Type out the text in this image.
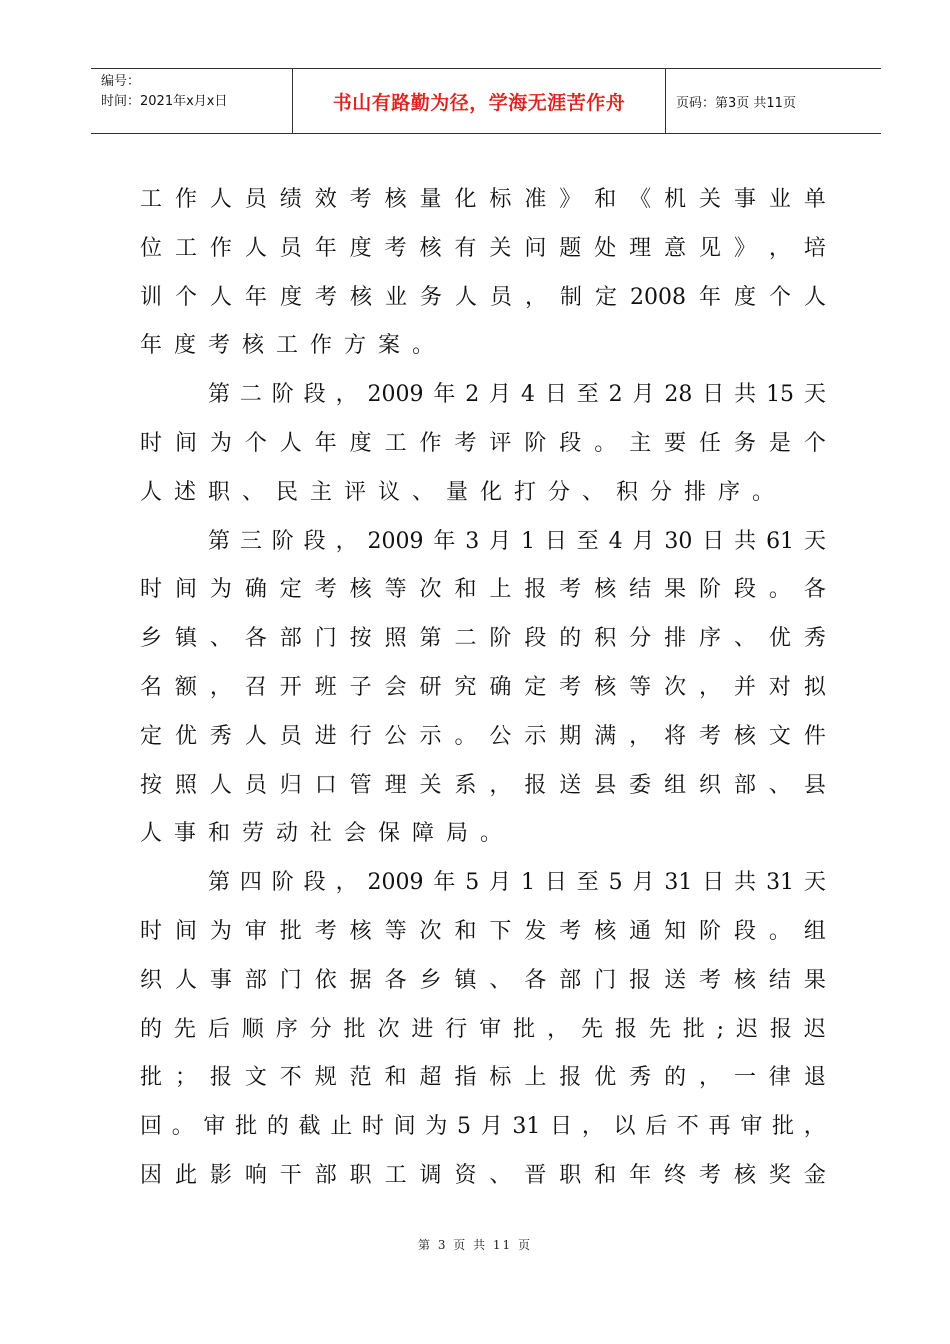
编号：
时间：2021年x月x日	书山有路勤为径，学海无涯苦作舟	页码：第3页 共11页
工 作 人 员 绩 效 考 核 量 化 标 准 》 和 《 机 关 事 业 单
位 工 作 人 员 年 度 考 核 有 关 问 题 处 理 意 见 》 ， 培
训 个 人 年 度 考 核 业 务 人 员 ， 制 定 2008 年 度 个 人
年度考核工作方案。
第 二 阶 段 ， 2009 年 2 月 4 日 至 2 月 28 日 共 15 天
时 间 为 个 人 年 度 工 作 考 评 阶 段 。 主 要 任 务 是 个
人述职、民主评议、量化打分、积分排序。
第 三 阶 段 ， 2009 年 3 月 1 日 至 4 月 30 日 共 61 天
时 间 为 确 定 考 核 等 次 和 上 报 考 核 结 果 阶 段 。 各
乡 镇 、 各 部 门 按 照 第 二 阶 段 的 积 分 排 序 、 优 秀
名 额 ， 召 开 班 子 会 研 究 确 定 考 核 等 次 ， 并 对 拟
定 优 秀 人 员 进 行 公 示 。 公 示 期 满 ， 将 考 核 文 件
按 照 人 员 归 口 管 理 关 系 ， 报 送 县 委 组 织 部 、 县
人事和劳动社会保障局。
第 四 阶 段 ， 2009 年 5 月 1 日 至 5 月 31 日 共 31 天
时 间 为 审 批 考 核 等 次 和 下 发 考 核 通 知 阶 段 。 组
织 人 事 部 门 依 据 各 乡 镇 、 各 部 门 报 送 考 核 结 果
的 先 后 顺 序 分 批 次 进 行 审 批 ， 先 报 先 批 ; 迟 报 迟
批 ； 报 文 不 规 范 和 超 指 标 上 报 优 秀 的 ， 一 律 退
回 。 审 批 的 截 止 时 间 为 5 月 31 日 ， 以 后 不 再 审 批 ，
因 此 影 响 干 部 职 工 调 资 、 晋 职 和 年 终 考 核 奖 金
第 3 页 共 11 页
